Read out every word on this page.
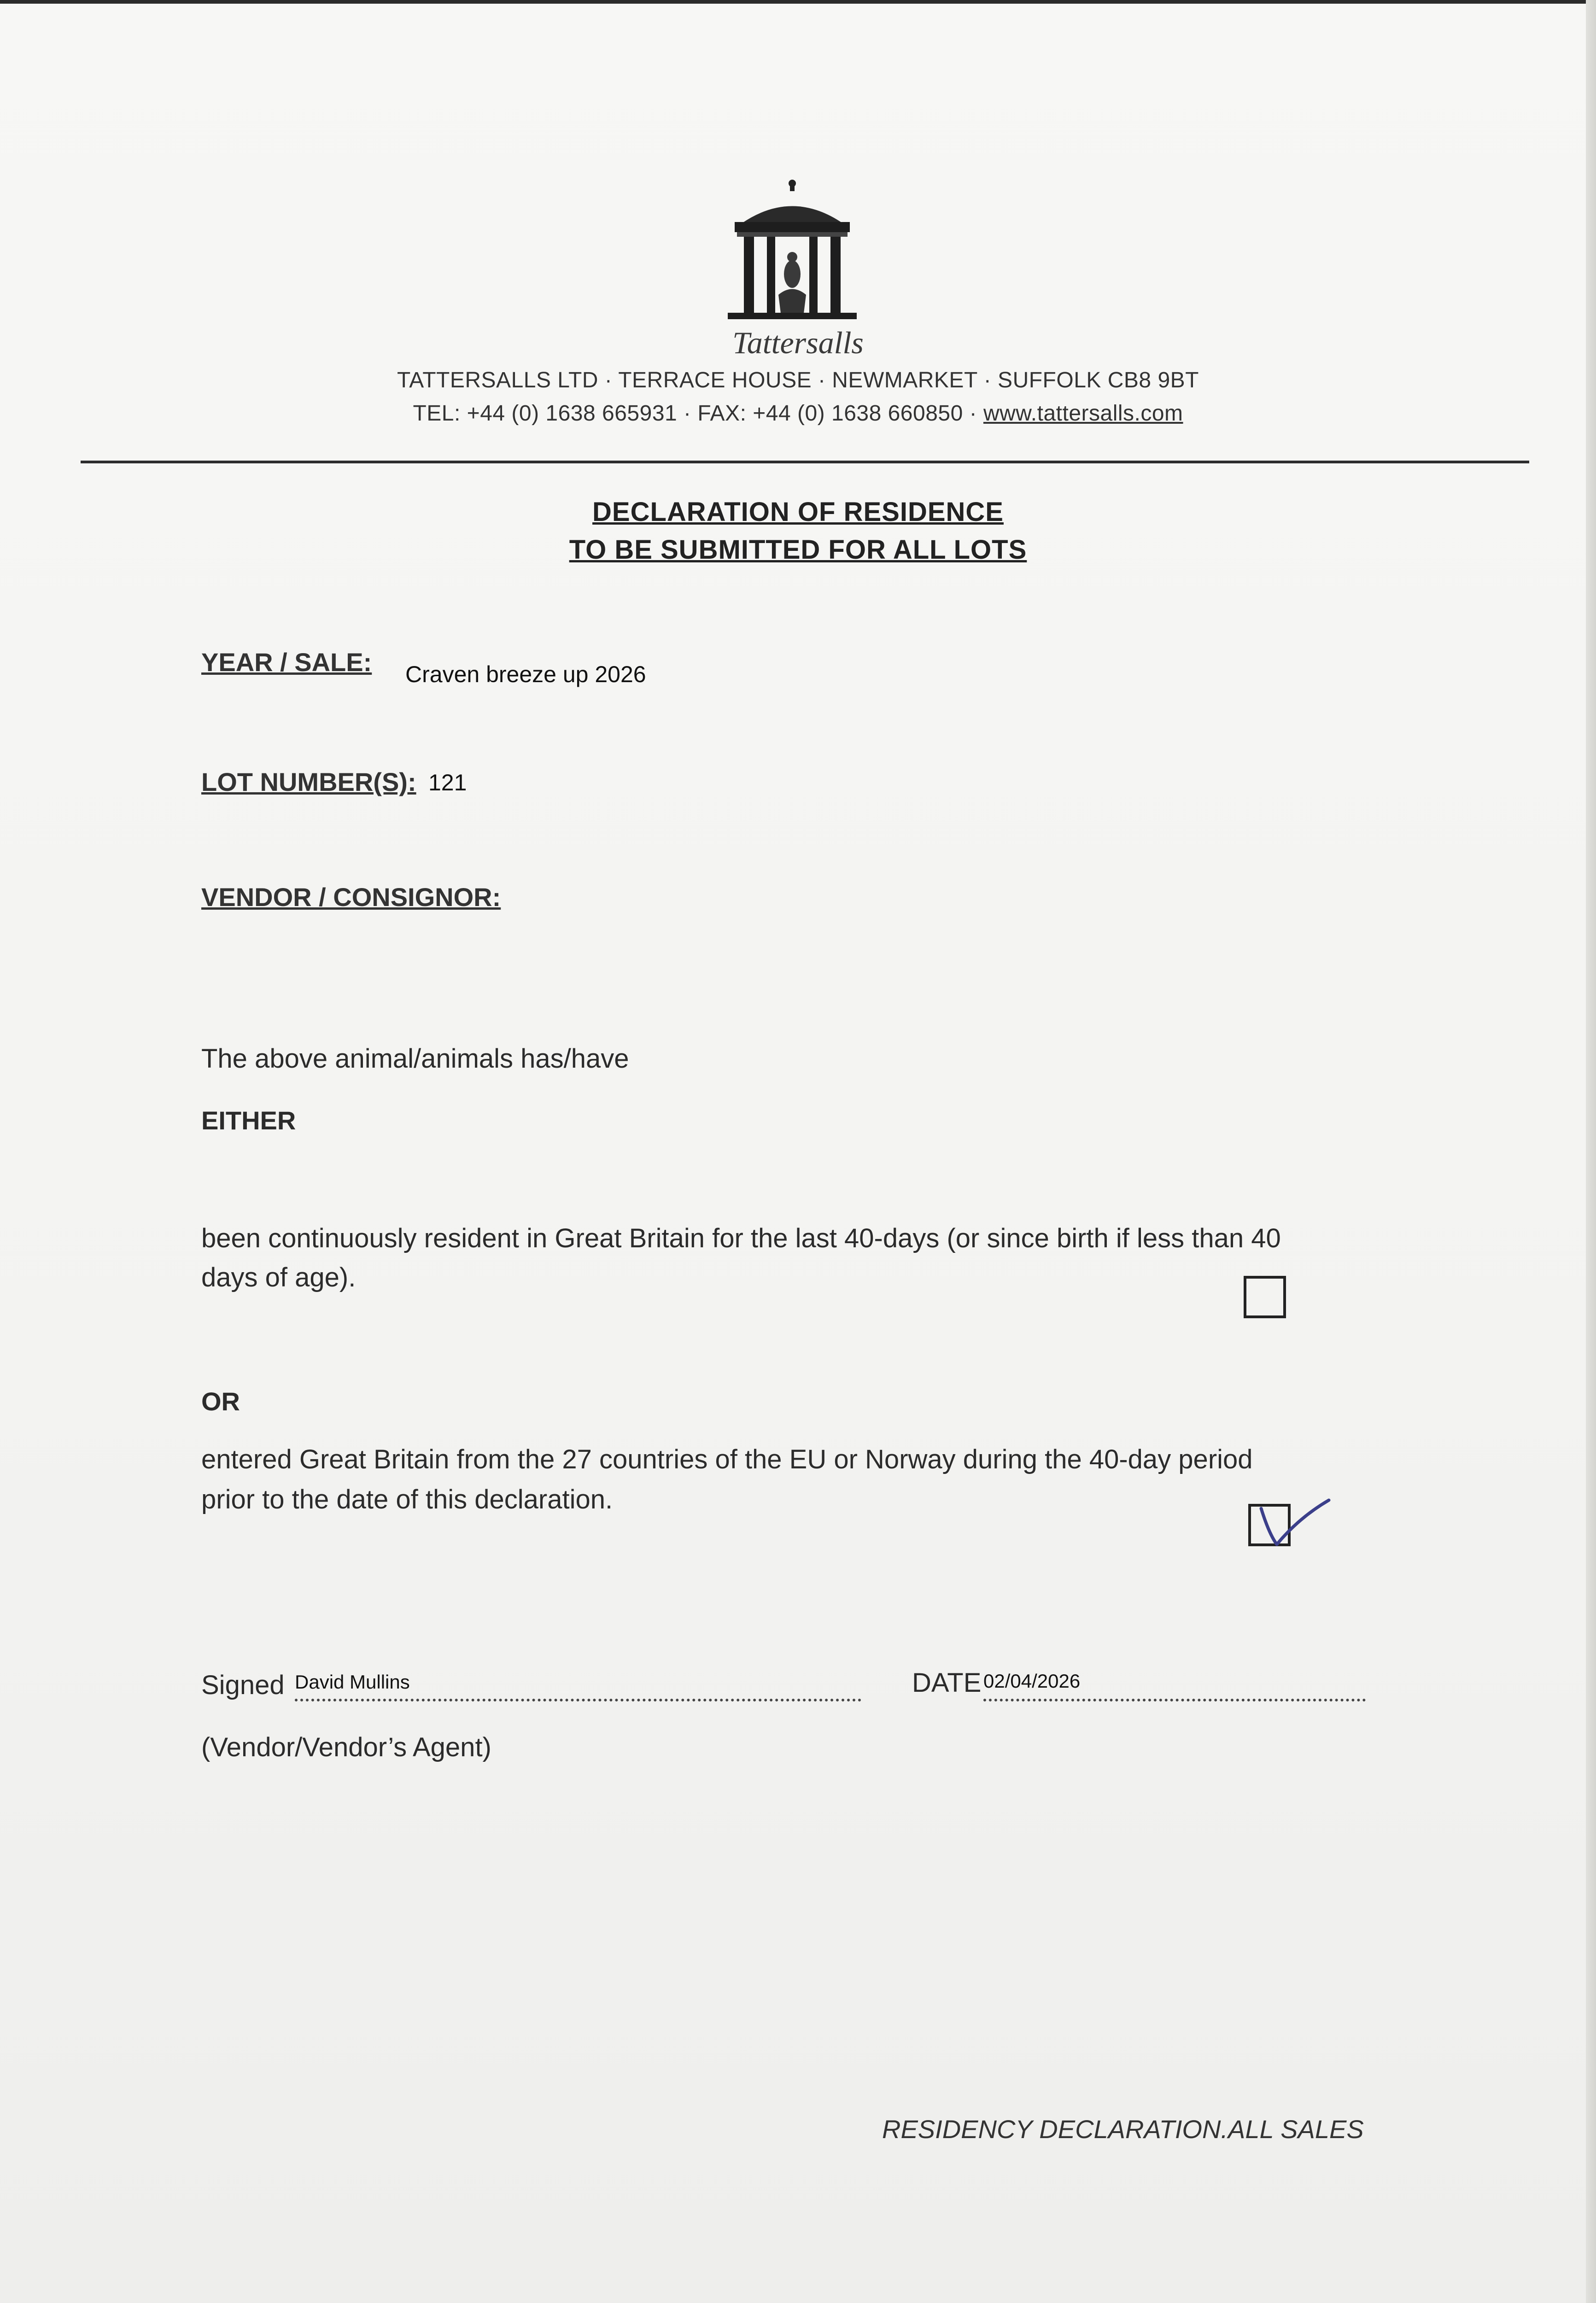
Tattersalls
TATTERSALLS LTD · TERRACE HOUSE · NEWMARKET · SUFFOLK CB8 9BT
TEL: +44 (0) 1638 665931 · FAX: +44 (0) 1638 660850 · www.tattersalls.com
DECLARATION OF RESIDENCE
TO BE SUBMITTED FOR ALL LOTS
YEAR / SALE: Craven breeze up 2026
LOT NUMBER(S): 121
VENDOR / CONSIGNOR:
The above animal/animals has/have
EITHER
been continuously resident in Great Britain for the last 40-days (or since birth if less than 40
days of age).
OR
entered Great Britain from the 27 countries of the EU or Norway during the 40-day period
prior to the date of this declaration.
Signed David Mullins	DATE 02/04/2026
(Vendor/Vendor’s Agent)
RESIDENCY DECLARATION.ALL SALES
